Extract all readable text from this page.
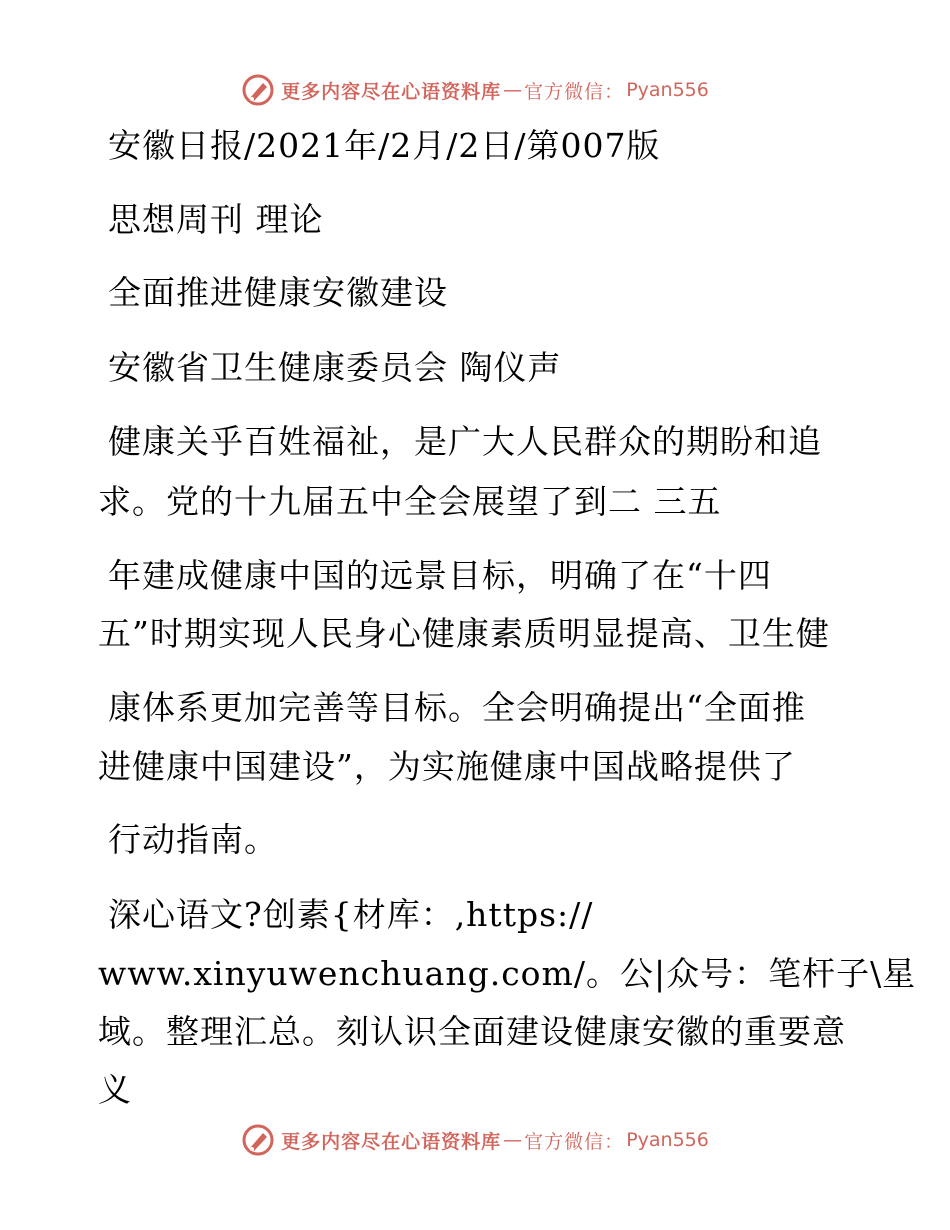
更多内容尽在心语资料库 — 官方微信： Pyan556
安徽日报/2021年/2月/2日/第007版
思想周刊 理论
全面推进健康安徽建设
安徽省卫生健康委员会 陶仪声
健康关乎百姓福祉，是广大人民群众的期盼和追
求。党的十九届五中全会展望了到二 三五
年建成健康中国的远景目标，明确了在“十四
五”时期实现人民身心健康素质明显提高、卫生健
康体系更加完善等目标。全会明确提出“全面推
进健康中国建设”，为实施健康中国战略提供了
行动指南。
深心语文?创素{材库：,https://
www.xinyuwenchuang.com/。公|众号：笔杆子\星
域。整理汇总。刻认识全面建设健康安徽的重要意
义
更多内容尽在心语资料库 — 官方微信： Pyan556
